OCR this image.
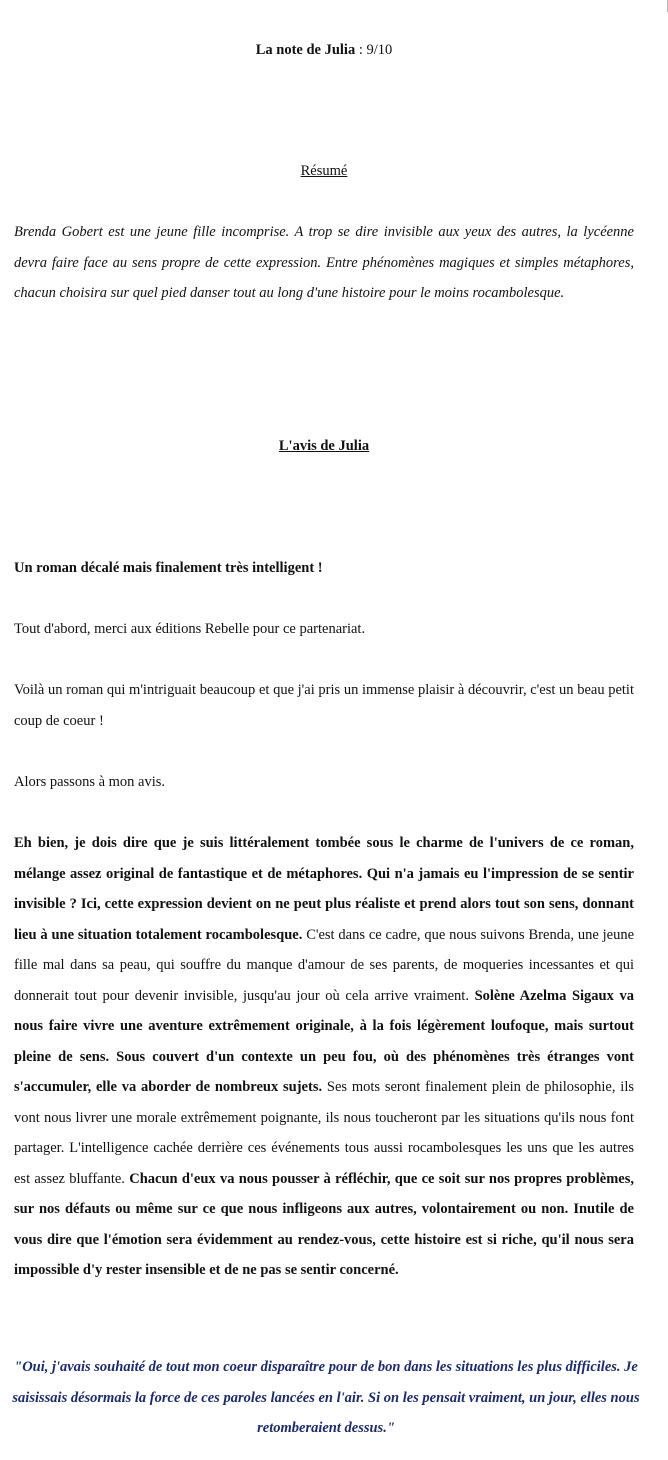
La note de Julia : 9/10

Résumé

Brenda Gobert est une jeune fille incomprise. A trop se dire invisible aux yeux des autres, la lycéenne devra faire face au sens propre de cette expression. Entre phénomènes magiques et simples métaphores, chacun choisira sur quel pied danser tout au long d'une histoire pour le moins rocambolesque.

L'avis de Julia

Un roman décalé mais finalement très intelligent !

Tout d'abord, merci aux éditions Rebelle pour ce partenariat.

Voilà un roman qui m'intriguait beaucoup et que j'ai pris un immense plaisir à découvrir, c'est un beau petit coup de coeur !

Alors passons à mon avis.

Eh bien, je dois dire que je suis littéralement tombée sous le charme de l'univers de ce roman, mélange assez original de fantastique et de métaphores. Qui n'a jamais eu l'impression de se sentir invisible ? Ici, cette expression devient on ne peut plus réaliste et prend alors tout son sens, donnant lieu à une situation totalement rocambolesque. C'est dans ce cadre, que nous suivons Brenda, une jeune fille mal dans sa peau, qui souffre du manque d'amour de ses parents, de moqueries incessantes et qui donnerait tout pour devenir invisible, jusqu'au jour où cela arrive vraiment. Solène Azelma Sigaux va nous faire vivre une aventure extrêmement originale, à la fois légèrement loufoque, mais surtout pleine de sens. Sous couvert d'un contexte un peu fou, où des phénomènes très étranges vont s'accumuler, elle va aborder de nombreux sujets. Ses mots seront finalement plein de philosophie, ils vont nous livrer une morale extrêmement poignante, ils nous toucheront par les situations qu'ils nous font partager. L'intelligence cachée derrière ces événements tous aussi rocambolesques les uns que les autres est assez bluffante. Chacun d'eux va nous pousser à réfléchir, que ce soit sur nos propres problèmes, sur nos défauts ou même sur ce que nous infligeons aux autres, volontairement ou non. Inutile de vous dire que l'émotion sera évidemment au rendez-vous, cette histoire est si riche, qu'il nous sera impossible d'y rester insensible et de ne pas se sentir concerné.

"Oui, j'avais souhaité de tout mon coeur disparaître pour de bon dans les situations les plus difficiles. Je saisissais désormais la force de ces paroles lancées en l'air. Si on les pensait vraiment, un jour, elles nous retomberaient dessus."
